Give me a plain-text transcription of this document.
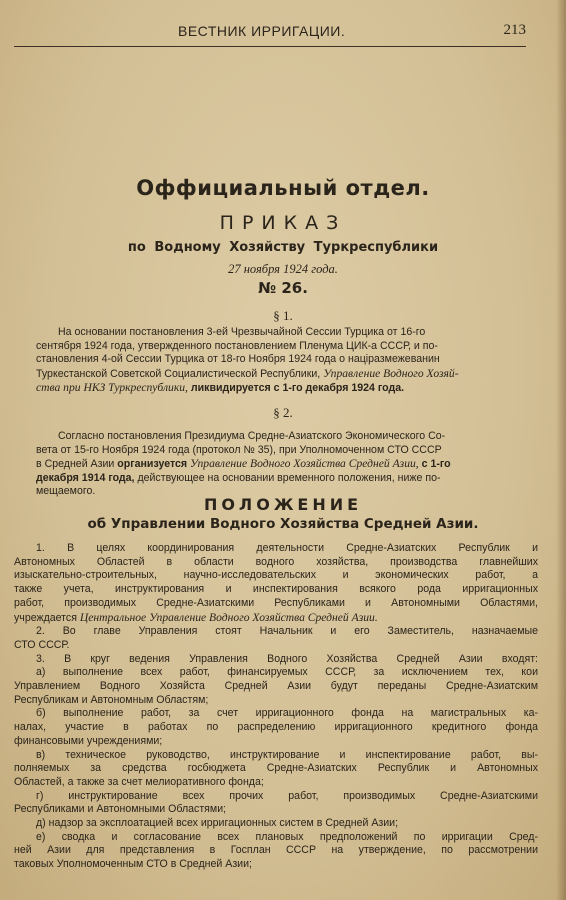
ВЕСТНИК ИРРИГАЦИИ.	213
Оффициальный отдел.
ПРИКАЗ
по Водному Хозяйству Туркреспублики
27 ноября 1924 года.
№ 26.
§ 1.
На основании постановления 3-ей Чрезвычайной Сессии Турцика от 16-го
сентября 1924 года, утвержденного постановлением Пленума ЦИК-а СССР, и по-
становления 4-ой Сессии Турцика от 18-го Ноября 1924 года о націразмежеванин
Туркестанской Советской Социалистической Республики, Управление Водного Хозяй-
ства при НКЗ Туркреспублики, ликвидируется с 1-го декабря 1924 года.
§ 2.
Согласно постановления Президиума Средне-Азиатского Экономического Со-
вета от 15-го Ноября 1924 года (протокол № 35), при Уполномоченном СТО СССР
в Средней Азии организуется Управление Водного Хозяйства Средней Азии, с 1-го
декабря 1914 года, действующее на основании временного положения, ниже по-
мещаемого.
ПОЛОЖЕНИЕ
об Управлении Водного Хозяйства Средней Азии.
1. В целях координирования деятельности Средне-Азиатских Республик и
Автономных Областей в области водного хозяйства, производства главнейших
изыскательно-строительных, научно-исследовательских и экономических работ, а
также учета, инструктирования и инспектирования всякого рода ирригационных
работ, производимых Средне-Азиатскими Республиками и Автономными Областями,
учреждается Центральное Управление Водного Хозяйства Средней Азии.
2. Во главе Управления стоят Начальник и его Заместитель, назначаемые
СТО СССР.
3. В круг ведения Управления Водного Хозяйства Средней Азии входят:
а) выполнение всех работ, финансируемых СССР, за исключением тех, кои
Управлением Водного Хозяйста Средней Азии будут переданы Средне-Азиатским
Республикам и Автономным Областям;
б) выполнение работ, за счет ирригационного фонда на магистральных ка-
налах, участие в работах по распределению ирригационного кредитного фонда
финансовыми учреждениями;
в) техническое руководство, инструктирование и инспектирование работ, вы-
полняемых за средства госбюджета Средне-Азиатских Республик и Автономных
Областей, а также за счет мелиоративного фонда;
г) инструктирование всех прочих работ, производимых Средне-Азиатскими
Республиками и Автономными Областями;
д) надзор за эксплоатацией всех ирригационных систем в Средней Азии;
е) сводка и согласование всех плановых предположений по ирригации Сред-
ней Азии для представления в Госплан СССР на утверждение, по рассмотрении
таковых Уполномоченным СТО в Средней Азии;
